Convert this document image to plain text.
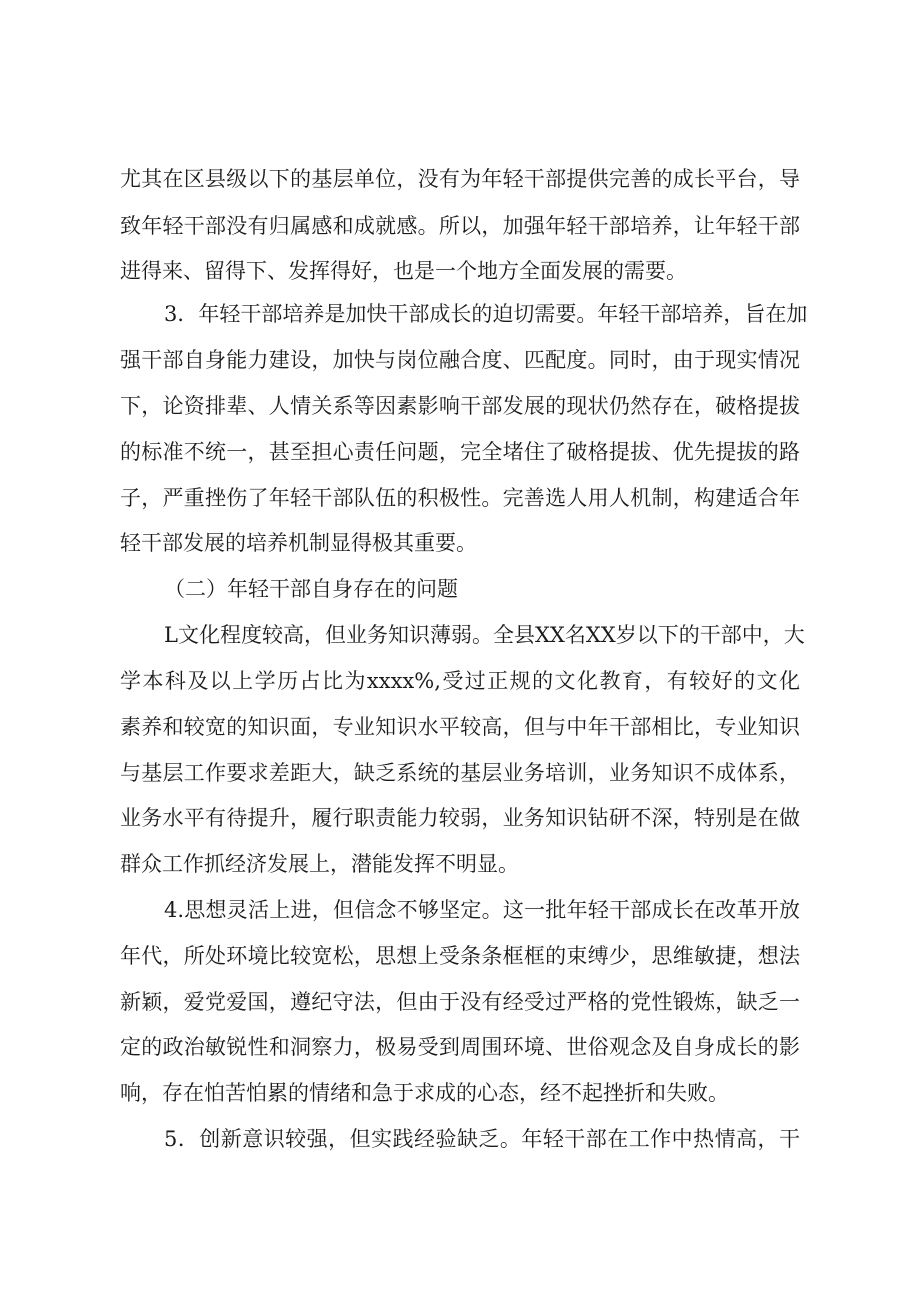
尤其在区县级以下的基层单位，没有为年轻干部提供完善的成长平台，导
致年轻干部没有归属感和成就感。所以，加强年轻干部培养，让年轻干部
进得来、留得下、发挥得好，也是一个地方全面发展的需要。
3．年轻干部培养是加快干部成长的迫切需要。年轻干部培养，旨在加
强干部自身能力建设，加快与岗位融合度、匹配度。同时，由于现实情况
下，论资排辈、人情关系等因素影响干部发展的现状仍然存在，破格提拔
的标准不统一，甚至担心责任问题，完全堵住了破格提拔、优先提拔的路
子，严重挫伤了年轻干部队伍的积极性。完善选人用人机制，构建适合年
轻干部发展的培养机制显得极其重要。
（二）年轻干部自身存在的问题
L文化程度较高，但业务知识薄弱。全县XX名XX岁以下的干部中，大
学本科及以上学历占比为xxxx%,受过正规的文化教育，有较好的文化
素养和较宽的知识面，专业知识水平较高，但与中年干部相比，专业知识
与基层工作要求差距大，缺乏系统的基层业务培训，业务知识不成体系，
业务水平有待提升，履行职责能力较弱，业务知识钻研不深，特别是在做
群众工作抓经济发展上，潜能发挥不明显。
4.思想灵活上进，但信念不够坚定。这一批年轻干部成长在改革开放
年代，所处环境比较宽松，思想上受条条框框的束缚少，思维敏捷，想法
新颖，爱党爱国，遵纪守法，但由于没有经受过严格的党性锻炼，缺乏一
定的政治敏锐性和洞察力，极易受到周围环境、世俗观念及自身成长的影
响，存在怕苦怕累的情绪和急于求成的心态，经不起挫折和失败。
5．创新意识较强，但实践经验缺乏。年轻干部在工作中热情高，干
